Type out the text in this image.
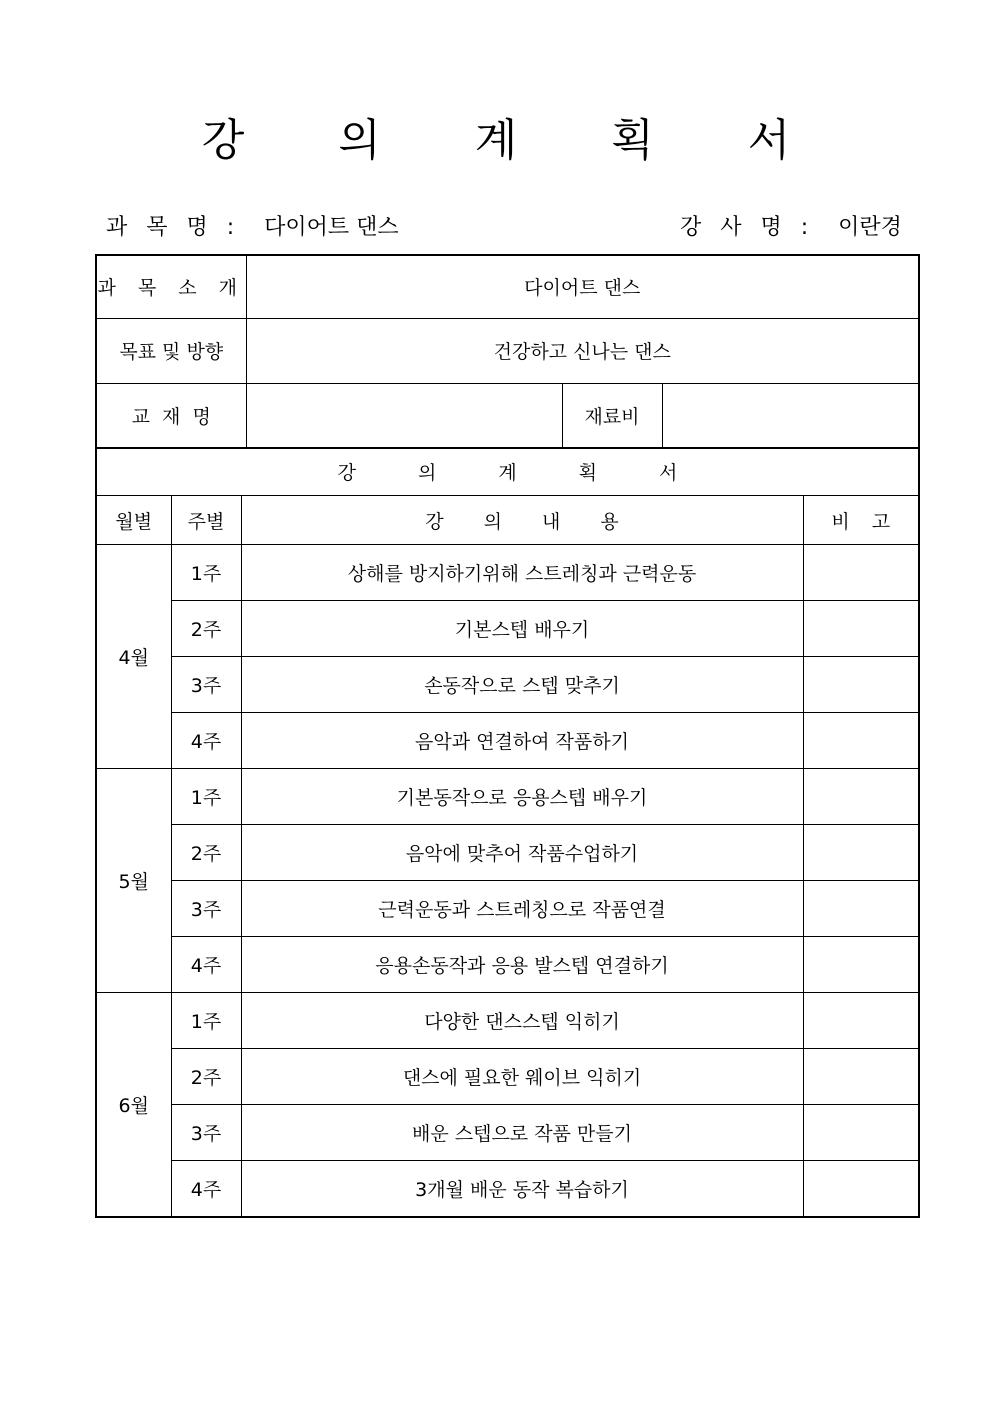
강 의 계 획 서
과 목 명 : 다이어트 댄스	강 사 명 : 이란경
과 목 소 개	다이어트 댄스		
목표 및 방향	건강하고 신나는 댄스		
교  재  명		재료비	
강의계획서			
월별	주별	강의내용	비고
4월	1주	상해를 방지하기위해 스트레칭과 근력운동	
	2주	기본스텝 배우기	
	3주	손동작으로 스텝 맞추기	
	4주	음악과 연결하여 작품하기	
5월	1주	기본동작으로 응용스텝 배우기	
	2주	음악에 맞추어 작품수업하기	
	3주	근력운동과 스트레칭으로 작품연결	
	4주	응용손동작과 응용 발스텝 연결하기	
6월	1주	다양한 댄스스텝 익히기	
	2주	댄스에 필요한 웨이브 익히기	
	3주	배운 스텝으로 작품 만들기	
	4주	3개월 배운 동작 복습하기	
